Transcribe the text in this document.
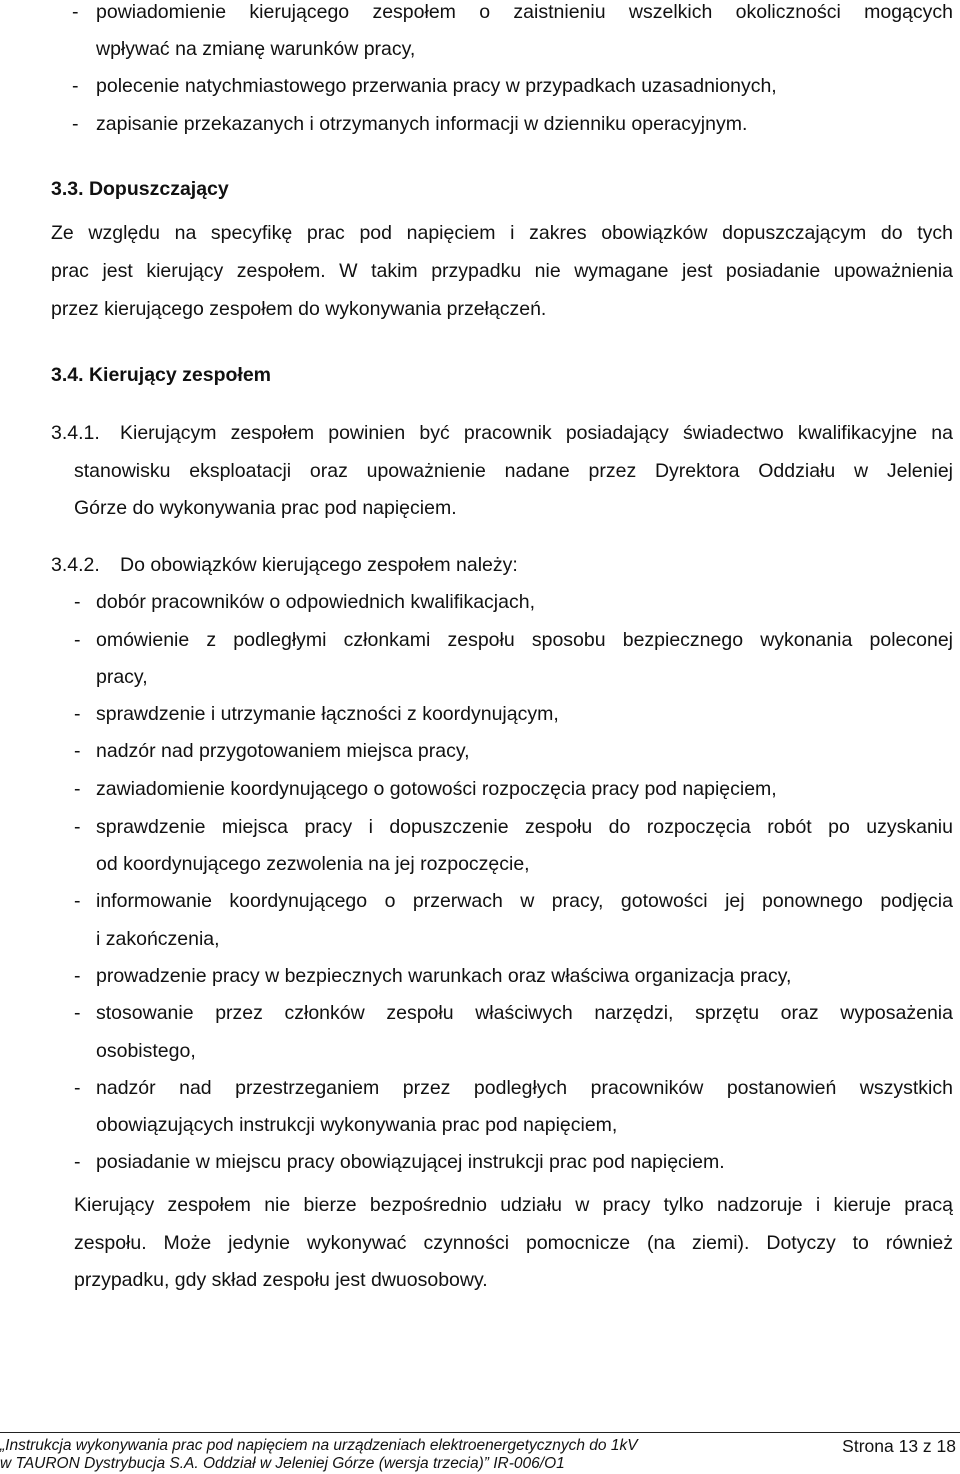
- powiadomienie kierującego zespołem o zaistnieniu wszelkich okoliczności mogących
wpływać na zmianę warunków pracy,
- polecenie natychmiastowego przerwania pracy w przypadkach uzasadnionych,
- zapisanie przekazanych i otrzymanych informacji w dzienniku operacyjnym.
3.3. Dopuszczający
Ze względu na specyfikę prac pod napięciem i zakres obowiązków dopuszczającym do tych
prac jest kierujący zespołem. W takim przypadku nie wymagane jest posiadanie upoważnienia
przez kierującego zespołem do wykonywania przełączeń.
3.4. Kierujący zespołem
3.4.1. Kierującym zespołem powinien być pracownik posiadający świadectwo kwalifikacyjne na
stanowisku eksploatacji oraz upoważnienie nadane przez Dyrektora Oddziału w Jeleniej
Górze do wykonywania prac pod napięciem.
3.4.2. Do obowiązków kierującego zespołem należy:
- dobór pracowników o odpowiednich kwalifikacjach,
- omówienie z podległymi członkami zespołu sposobu bezpiecznego wykonania poleconej
pracy,
- sprawdzenie i utrzymanie łączności z koordynującym,
- nadzór nad przygotowaniem miejsca pracy,
- zawiadomienie koordynującego o gotowości rozpoczęcia pracy pod napięciem,
- sprawdzenie miejsca pracy i dopuszczenie zespołu do rozpoczęcia robót po uzyskaniu
od koordynującego zezwolenia na jej rozpoczęcie,
- informowanie koordynującego o przerwach w pracy, gotowości jej ponownego podjęcia
i zakończenia,
- prowadzenie pracy w bezpiecznych warunkach oraz właściwa organizacja pracy,
- stosowanie przez członków zespołu właściwych narzędzi, sprzętu oraz wyposażenia
osobistego,
- nadzór nad przestrzeganiem przez podległych pracowników postanowień wszystkich
obowiązujących instrukcji wykonywania prac pod napięciem,
- posiadanie w miejscu pracy obowiązującej instrukcji prac pod napięciem.
Kierujący zespołem nie bierze bezpośrednio udziału w pracy tylko nadzoruje i kieruje pracą
zespołu. Może jedynie wykonywać czynności pomocnicze (na ziemi). Dotyczy to również
przypadku, gdy skład zespołu jest dwuosobowy.
„Instrukcja wykonywania prac pod napięciem na urządzeniach elektroenergetycznych do 1kV
w TAURON Dystrybucja S.A. Oddział w Jeleniej Górze (wersja trzecia)” IR-006/O1
Strona 13 z 18
